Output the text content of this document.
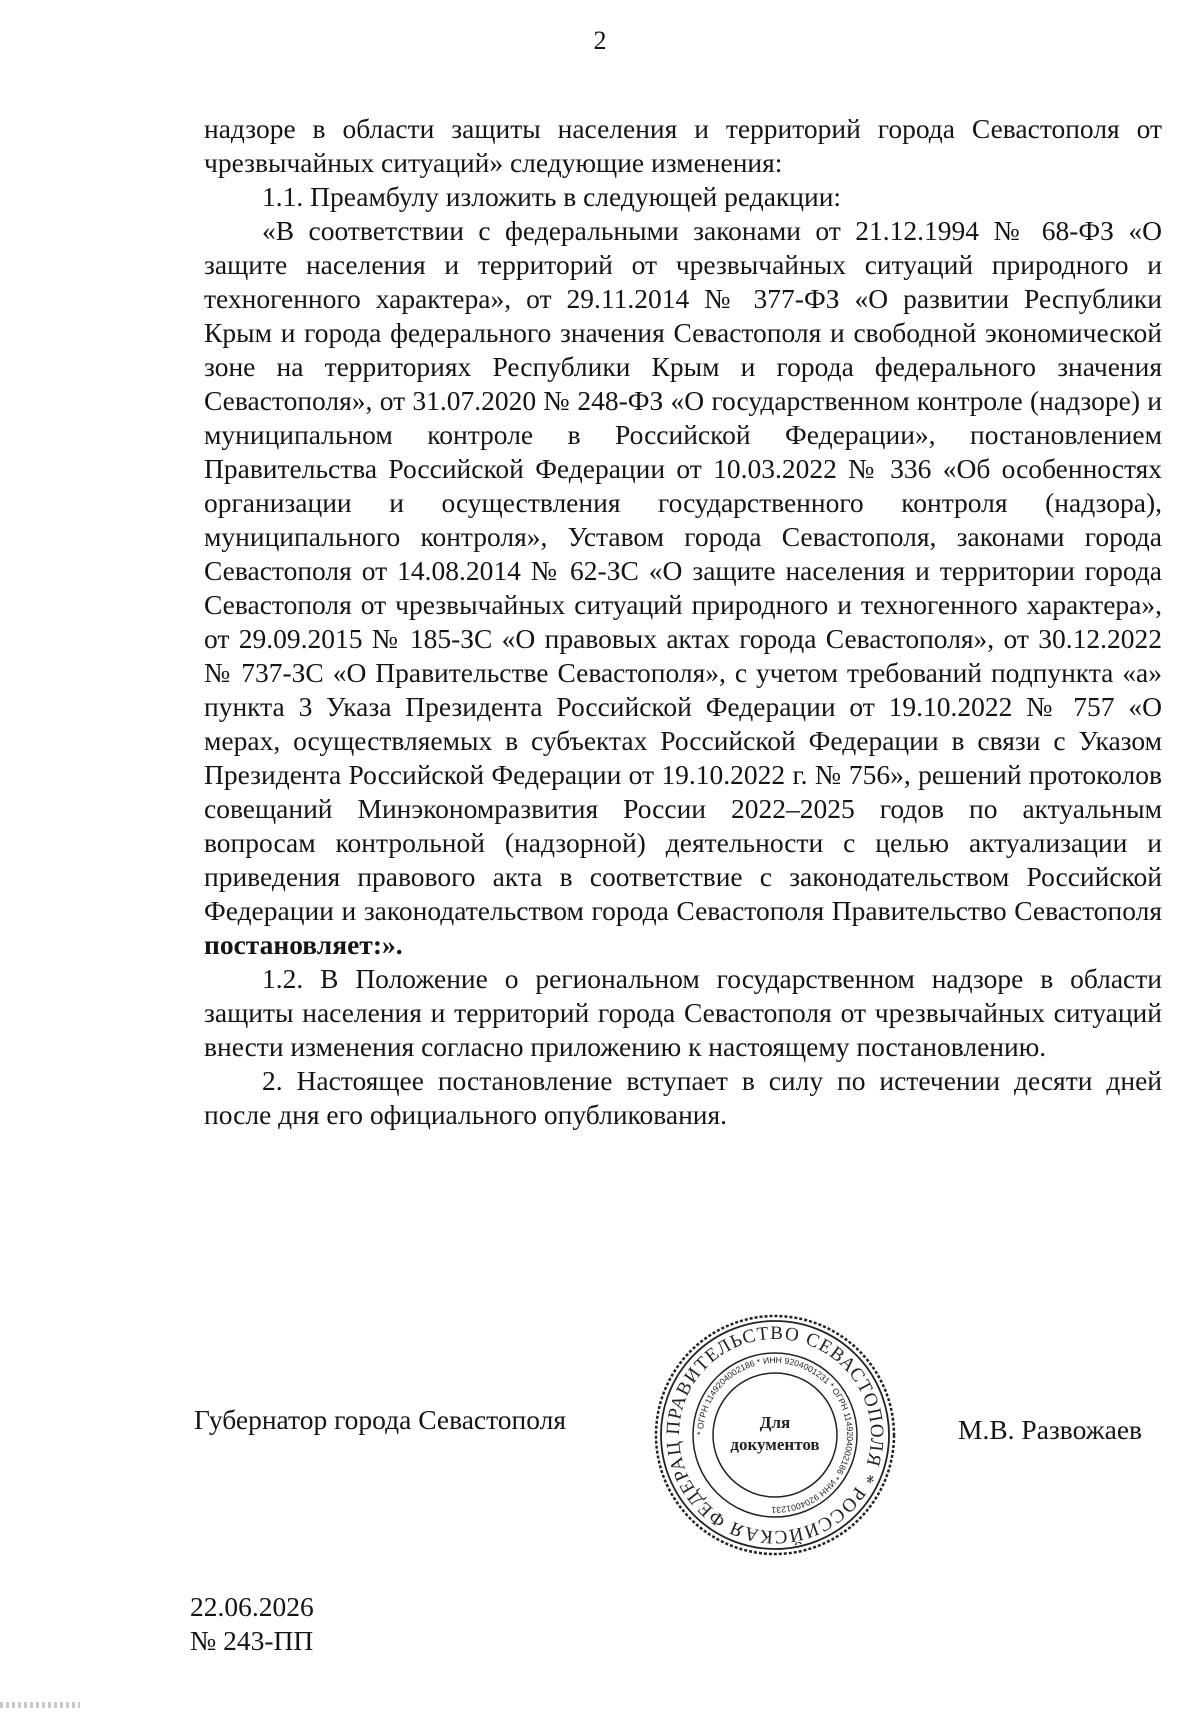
2

надзоре в области защиты населения и территорий города Севастополя от чрезвычайных ситуаций» следующие изменения:

1.1. Преамбулу изложить в следующей редакции:

«В соответствии с федеральными законами от 21.12.1994 № 68-ФЗ «О защите населения и территорий от чрезвычайных ситуаций природного и техногенного характера», от 29.11.2014 № 377-ФЗ «О развитии Республики Крым и города федерального значения Севастополя и свободной экономической зоне на территориях Республики Крым и города федерального значения Севастополя», от 31.07.2020 № 248-ФЗ «О государственном контроле (надзоре) и муниципальном контроле в Российской Федерации», постановлением Правительства Российской Федерации от 10.03.2022 № 336 «Об особенностях организации и осуществления государственного контроля (надзора), муниципального контроля», Уставом города Севастополя, законами города Севастополя от 14.08.2014 № 62-ЗС «О защите населения и территории города Севастополя от чрезвычайных ситуаций природного и техногенного характера», от 29.09.2015 № 185-ЗС «О правовых актах города Севастополя», от 30.12.2022 № 737-ЗС «О Правительстве Севастополя», с учетом требований подпункта «а» пункта 3 Указа Президента Российской Федерации от 19.10.2022 № 757 «О мерах, осуществляемых в субъектах Российской Федерации в связи с Указом Президента Российской Федерации от 19.10.2022 г. № 756», решений протоколов совещаний Минэкономразвития России 2022–2025 годов по актуальным вопросам контрольной (надзорной) деятельности с целью актуализации и приведения правового акта в соответствие с законодательством Российской Федерации и законодательством города Севастополя Правительство Севастополя постановляет:».

1.2. В Положение о региональном государственном надзоре в области защиты населения и территорий города Севастополя от чрезвычайных ситуаций внести изменения согласно приложению к настоящему постановлению.

2. Настоящее постановление вступает в силу по истечении десяти дней после дня его официального опубликования.

Губернатор города Севастополя	ПРАВИТЕЛЬСТВО СЕВАСТОПОЛЯ * РОССИЙСКАЯ ФЕДЕРАЦ
* ОГРН 1149204002186 * ИНН 9204001231 * ОГРН 1149204002186 * ИНН 9204001231
Для
документов	М.В. Развожаев
22.06.2026
№ 243-ПП
